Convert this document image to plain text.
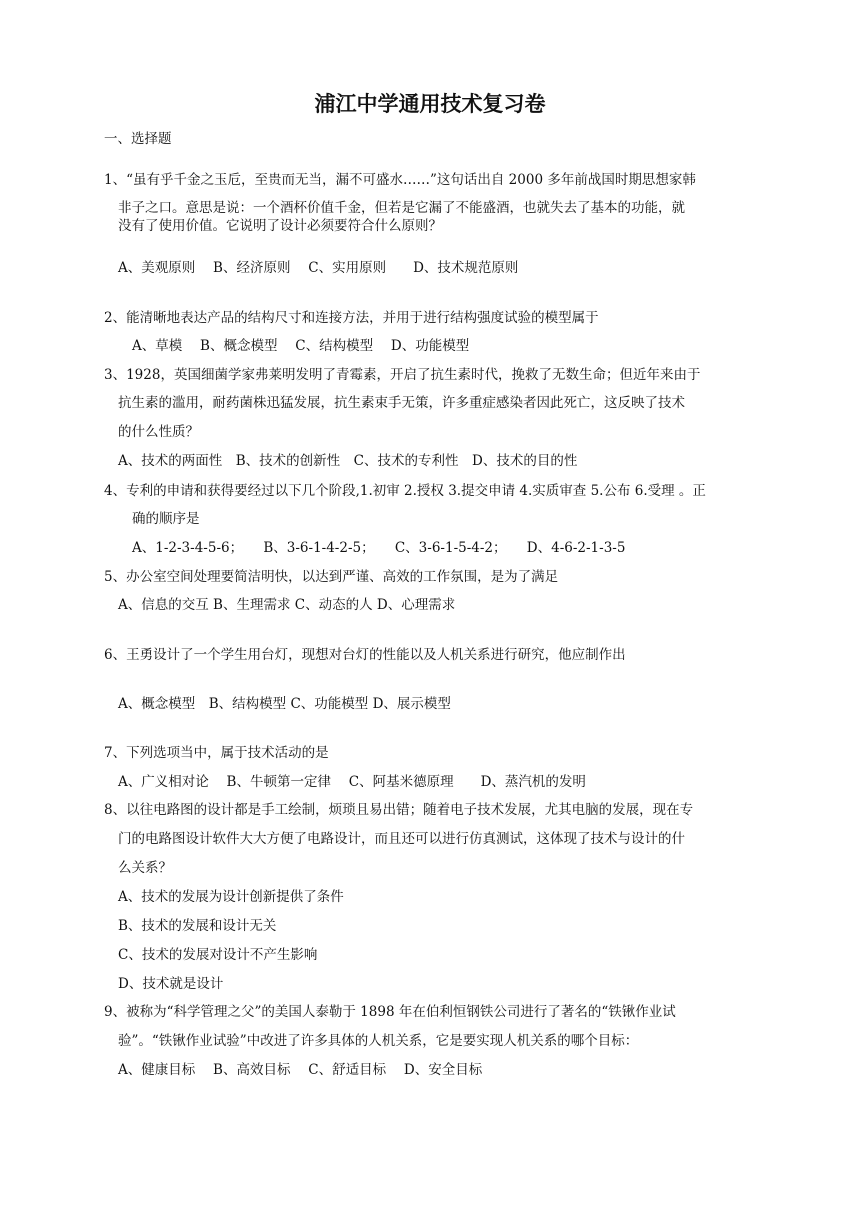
浦江中学通用技术复习卷
一、选择题
1、“虽有乎千金之玉卮，至贵而无当，漏不可盛水……”这句话出自 2000 多年前战国时期思想家韩
非子之口。意思是说：一个酒杯价值千金，但若是它漏了不能盛酒，也就失去了基本的功能，就
没有了使用价值。它说明了设计必须要符合什么原则？
A、美观原则　 B、经济原则　 C、实用原则　　D、技术规范原则
2、能清晰地表达产品的结构尺寸和连接方法，并用于进行结构强度试验的模型属于
A、草模　 B、概念模型　 C、结构模型　 D、功能模型
3、1928，英国细菌学家弗莱明发明了青霉素，开启了抗生素时代，挽救了无数生命；但近年来由于
抗生素的滥用，耐药菌株迅猛发展，抗生素束手无策，许多重症感染者因此死亡，这反映了技术
的什么性质？
A、技术的两面性　B、技术的创新性　C、技术的专利性　D、技术的目的性
4、专利的申请和获得要经过以下几个阶段,1.初审 2.授权 3.提交申请 4.实质审查 5.公布 6.受理 。正
确的顺序是
A、1-2-3-4-5-6；　　B、3-6-1-4-2-5；　　C、3-6-1-5-4-2；　　D、4-6-2-1-3-5
5、办公室空间处理要简洁明快，以达到严谨、高效的工作氛围，是为了满足
A、信息的交互 B、生理需求 C、动态的人 D、心理需求
6、王勇设计了一个学生用台灯，现想对台灯的性能以及人机关系进行研究，他应制作出
A、概念模型　B、结构模型 C、功能模型 D、展示模型
7、下列选项当中，属于技术活动的是
A、广义相对论　 B、牛顿第一定律　 C、阿基米德原理　　D、蒸汽机的发明
8、以往电路图的设计都是手工绘制，烦琐且易出错；随着电子技术发展，尤其电脑的发展，现在专
门的电路图设计软件大大方便了电路设计，而且还可以进行仿真测试，这体现了技术与设计的什
么关系？
A、技术的发展为设计创新提供了条件
B、技术的发展和设计无关
C、技术的发展对设计不产生影响
D、技术就是设计
9、被称为“科学管理之父”的美国人泰勒于 1898 年在伯利恒钢铁公司进行了著名的“铁锹作业试
验”。“铁锹作业试验”中改进了许多具体的人机关系，它是要实现人机关系的哪个目标：
A、健康目标　 B、高效目标　 C、舒适目标　 D、安全目标
